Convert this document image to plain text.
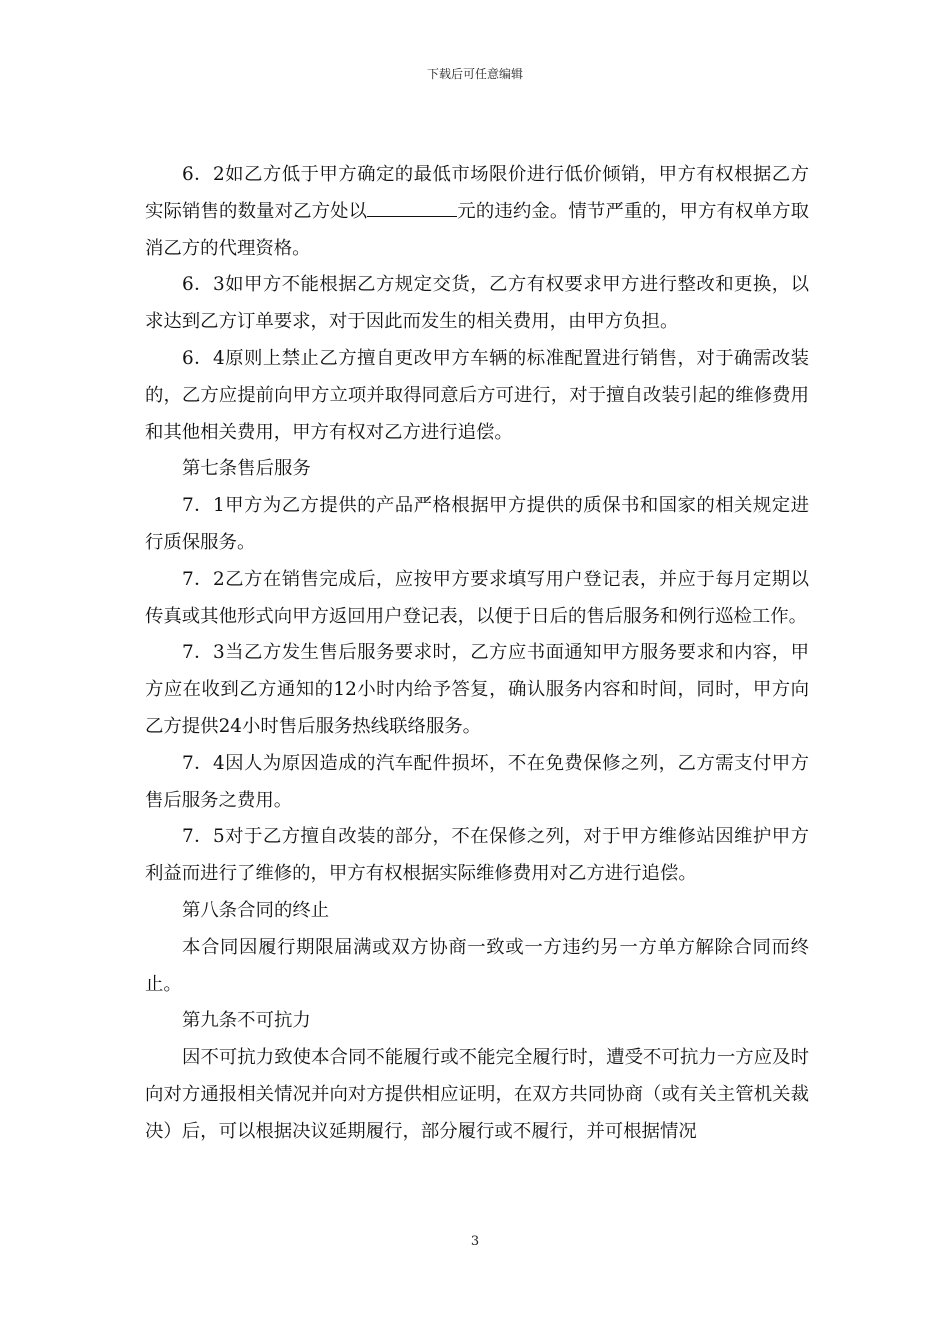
下载后可任意编辑

6．2如乙方低于甲方确定的最低市场限价进行低价倾销，甲方有权根据乙方实际销售的数量对乙方处以	元的违约金。情节严重的，甲方有权单方取消乙方的代理资格。

6．3如甲方不能根据乙方规定交货，乙方有权要求甲方进行整改和更换，以求达到乙方订单要求，对于因此而发生的相关费用，由甲方负担。

6．4原则上禁止乙方擅自更改甲方车辆的标准配置进行销售，对于确需改装的，乙方应提前向甲方立项并取得同意后方可进行，对于擅自改装引起的维修费用和其他相关费用，甲方有权对乙方进行追偿。

第七条售后服务

7．1甲方为乙方提供的产品严格根据甲方提供的质保书和国家的相关规定进行质保服务。

7．2乙方在销售完成后，应按甲方要求填写用户登记表，并应于每月定期以传真或其他形式向甲方返回用户登记表，以便于日后的售后服务和例行巡检工作。

7．3当乙方发生售后服务要求时，乙方应书面通知甲方服务要求和内容，甲方应在收到乙方通知的12小时内给予答复，确认服务内容和时间，同时，甲方向乙方提供24小时售后服务热线联络服务。

7．4因人为原因造成的汽车配件损坏，不在免费保修之列，乙方需支付甲方售后服务之费用。

7．5对于乙方擅自改装的部分，不在保修之列，对于甲方维修站因维护甲方利益而进行了维修的，甲方有权根据实际维修费用对乙方进行追偿。

第八条合同的终止

本合同因履行期限届满或双方协商一致或一方违约另一方单方解除合同而终止。

第九条不可抗力

因不可抗力致使本合同不能履行或不能完全履行时，遭受不可抗力一方应及时向对方通报相关情况并向对方提供相应证明，在双方共同协商（或有关主管机关裁决）后，可以根据决议延期履行，部分履行或不履行，并可根据情况

3
